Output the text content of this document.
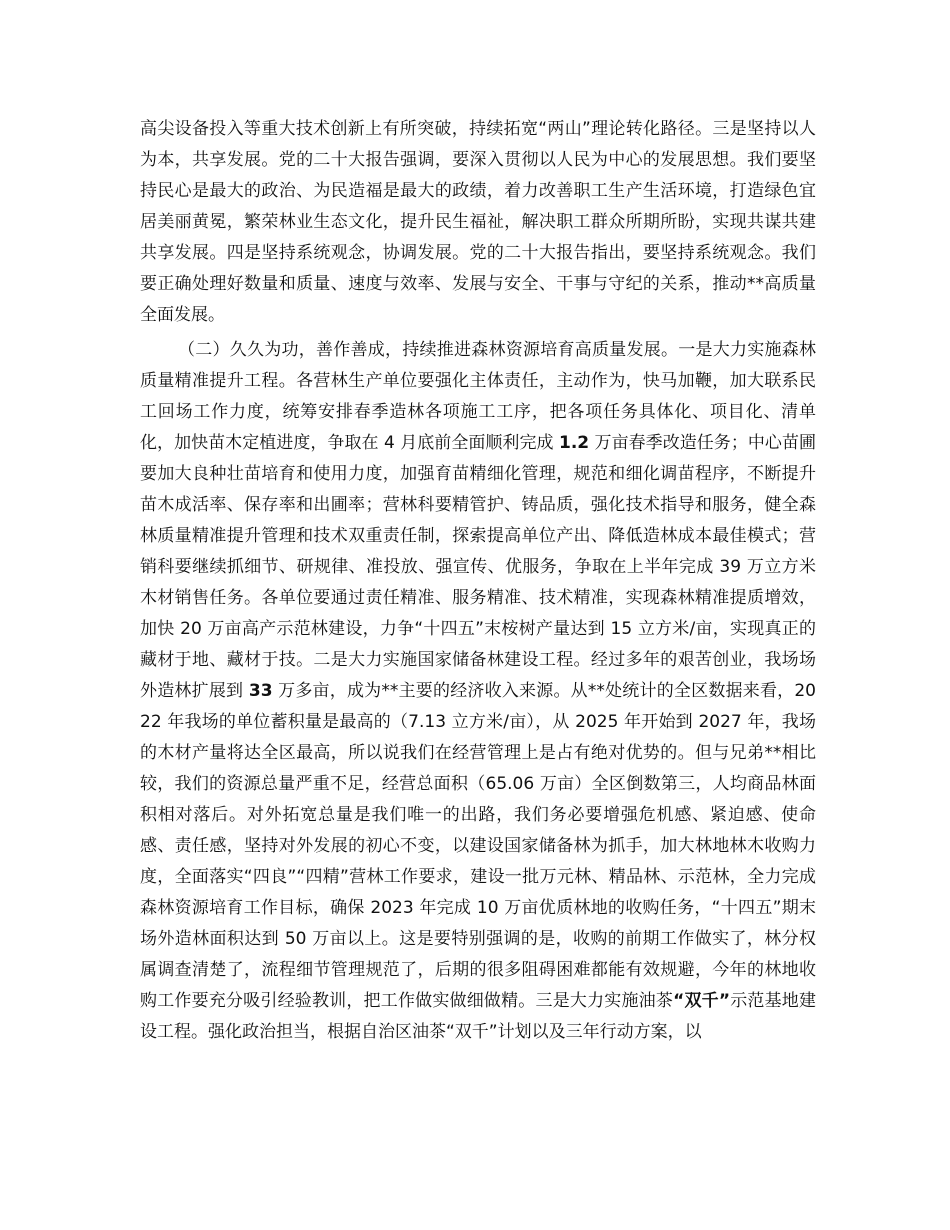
高尖设备投入等重大技术创新上有所突破，持续拓宽“两山”理论转化路径。三是坚持以人为本，共享发展。党的二十大报告强调，要深入贯彻以人民为中心的发展思想。我们要坚持民心是最大的政治、为民造福是最大的政绩，着力改善职工生产生活环境，打造绿色宜居美丽黄冕，繁荣林业生态文化，提升民生福祉，解决职工群众所期所盼，实现共谋共建共享发展。四是坚持系统观念，协调发展。党的二十大报告指出，要坚持系统观念。我们要正确处理好数量和质量、速度与效率、发展与安全、干事与守纪的关系，推动**高质量全面发展。

（二）久久为功，善作善成，持续推进森林资源培育高质量发展。一是大力实施森林质量精准提升工程。各营林生产单位要强化主体责任，主动作为，快马加鞭，加大联系民工回场工作力度，统筹安排春季造林各项施工工序，把各项任务具体化、项目化、清单化，加快苗木定植进度，争取在 4 月底前全面顺利完成 1.2 万亩春季改造任务；中心苗圃要加大良种壮苗培育和使用力度，加强育苗精细化管理，规范和细化调苗程序，不断提升苗木成活率、保存率和出圃率；营林科要精管护、铸品质，强化技术指导和服务，健全森林质量精准提升管理和技术双重责任制，探索提高单位产出、降低造林成本最佳模式；营销科要继续抓细节、研规律、准投放、强宣传、优服务，争取在上半年完成 39 万立方米木材销售任务。各单位要通过责任精准、服务精准、技术精准，实现森林精准提质增效，加快 20 万亩高产示范林建设，力争“十四五”末桉树产量达到 15 立方米/亩，实现真正的藏材于地、藏材于技。二是大力实施国家储备林建设工程。经过多年的艰苦创业，我场场外造林扩展到 33 万多亩，成为**主要的经济收入来源。从**处统计的全区数据来看，2022 年我场的单位蓄积量是最高的（7.13 立方米/亩），从 2025 年开始到 2027 年，我场的木材产量将达全区最高，所以说我们在经营管理上是占有绝对优势的。但与兄弟**相比较，我们的资源总量严重不足，经营总面积（65.06 万亩）全区倒数第三，人均商品林面积相对落后。对外拓宽总量是我们唯一的出路，我们务必要增强危机感、紧迫感、使命感、责任感，坚持对外发展的初心不变，以建设国家储备林为抓手，加大林地林木收购力度，全面落实“四良”“四精”营林工作要求，建设一批万元林、精品林、示范林，全力完成森林资源培育工作目标，确保 2023 年完成 10 万亩优质林地的收购任务，“十四五”期末场外造林面积达到 50 万亩以上。这是要特别强调的是，收购的前期工作做实了，林分权属调查清楚了，流程细节管理规范了，后期的很多阻碍困难都能有效规避，今年的林地收购工作要充分吸引经验教训，把工作做实做细做精。三是大力实施油茶“双千”示范基地建设工程。强化政治担当，根据自治区油茶“双千”计划以及三年行动方案，以
